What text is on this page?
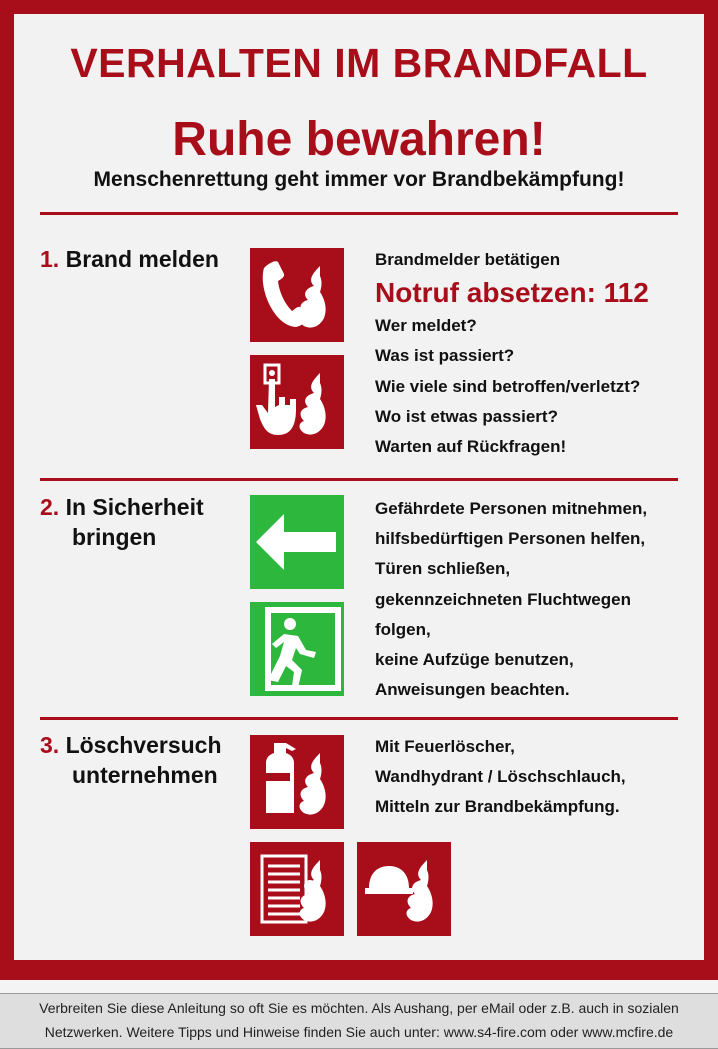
VERHALTEN IM BRANDFALL
Ruhe bewahren!
Menschenrettung geht immer vor Brandbekämpfung!
1. Brand melden	Brandmelder betätigen
Notruf absetzen: 112
Wer meldet?
Was ist passiert?
Wie viele sind betroffen/verletzt?
Wo ist etwas passiert?
Warten auf Rückfragen!
2. In Sicherheit
bringen
Gefährdete Personen mitnehmen,
hilfsbedürftigen Personen helfen,
Türen schließen,
gekennzeichneten Fluchtwegen
folgen,
keine Aufzüge benutzen,
Anweisungen beachten.
3. Löschversuch
unternehmen
Mit Feuerlöscher,
Wandhydrant / Löschschlauch,
Mitteln zur Brandbekämpfung.
Verbreiten Sie diese Anleitung so oft Sie es möchten. Als Aushang, per eMail oder z.B. auch in sozialen
Netzwerken. Weitere Tipps und Hinweise finden Sie auch unter: www.s4-fire.com oder www.mcfire.de
